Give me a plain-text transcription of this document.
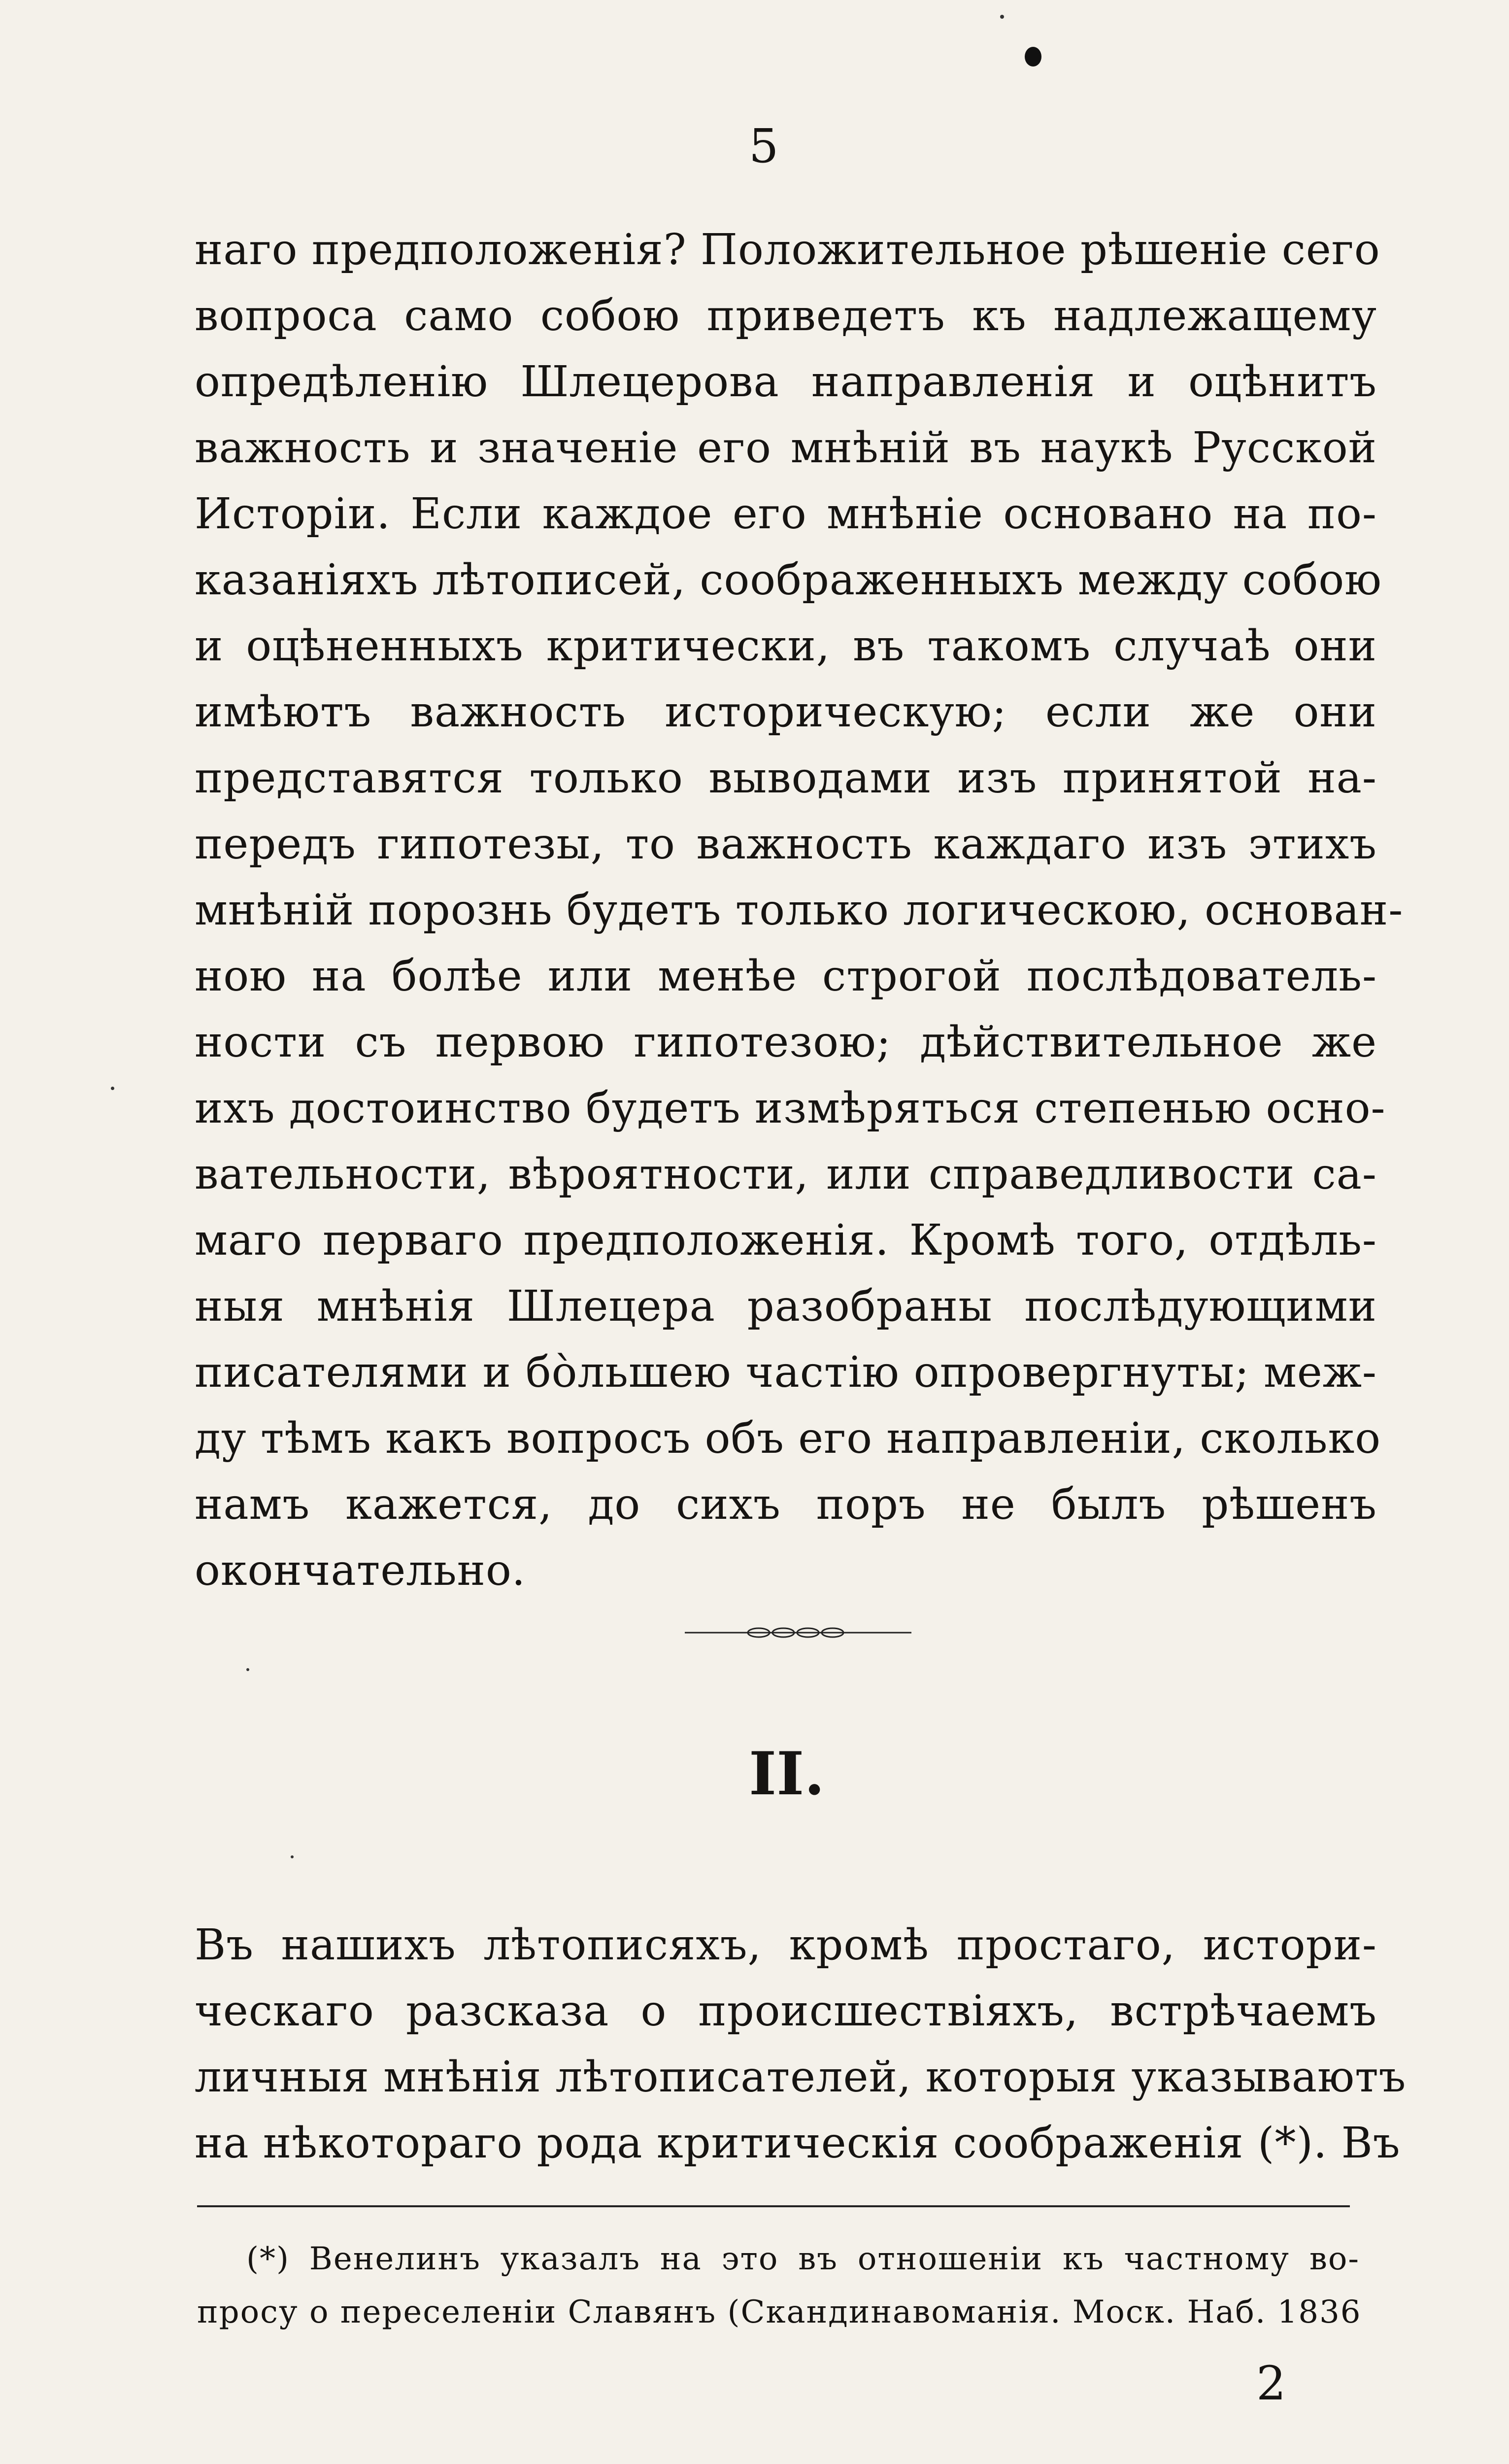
5
наго предположенія? Положительное рѣшеніе сего
вопроса само собою приведетъ къ надлежащему
опредѣленію Шлецерова направленія и оцѣнитъ
важность и значеніе его мнѣній въ наукѣ Русской
Исторіи. Если каждое его мнѣніе основано на по-
казаніяхъ лѣтописей, соображенныхъ между собою
и оцѣненныхъ критически, въ такомъ случаѣ они
имѣютъ важность историческую; если же они
представятся только выводами изъ принятой на-
передъ гипотезы, то важность каждаго изъ этихъ
мнѣній порознь будетъ только логическою, основан-
ною на болѣе или менѣе строгой послѣдователь-
ности съ первою гипотезою; дѣйствительное же
ихъ достоинство будетъ измѣряться степенью осно-
вательности, вѣроятности, или справедливости са-
маго перваго предположенія. Кромѣ того, отдѣль-
ныя мнѣнія Шлецера разобраны послѣдующими
писателями и бо̀льшею частію опровергнуты; меж-
ду тѣмъ какъ вопросъ объ его направленіи, сколько
намъ кажется, до сихъ поръ не былъ рѣшенъ
окончательно.
II.
Въ нашихъ лѣтописяхъ, кромѣ простаго, истори-
ческаго разсказа о происшествіяхъ, встрѣчаемъ
личныя мнѣнія лѣтописателей, которыя указываютъ
на нѣкотораго рода критическія соображенія (*). Въ
(*) Венелинъ указалъ на это въ отношеніи къ частному во-
просу о переселеніи Славянъ (Скандинавоманія. Моск. Наб. 1836
2
